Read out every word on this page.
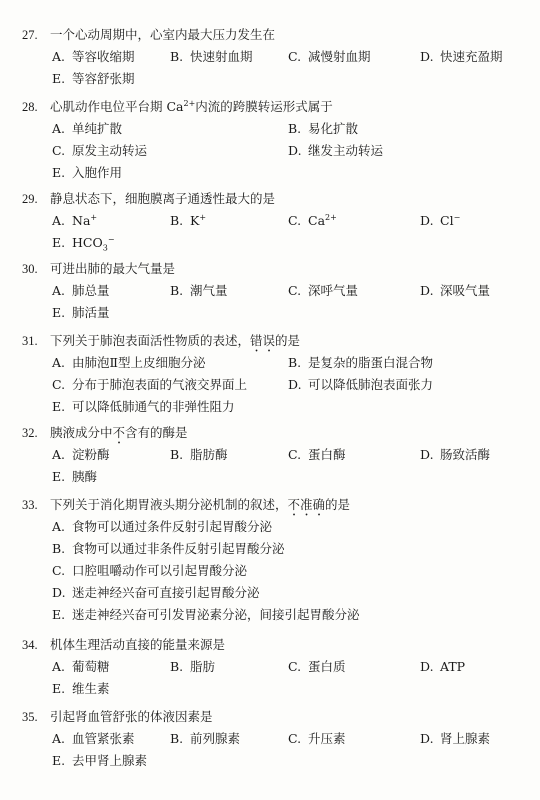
27. 一个心动周期中，心室内最大压力发生在
A. 等容收缩期	B. 快速射血期	C. 减慢射血期	D. 快速充盈期
E. 等容舒张期
28. 心肌动作电位平台期 $Ca^{2+}$内流的跨膜转运形式属于
A. 单纯扩散	B. 易化扩散
C. 原发主动转运	D. 继发主动转运
E. 入胞作用
29. 静息状态下，细胞膜离子通透性最大的是
A. Na+	B. K+	C. $Ca^{2+}$	D. Cl−
E. $HCO_3^-$
30. 可进出肺的最大气量是
A. 肺总量	B. 潮气量	C. 深呼气量	D. 深吸气量
E. 肺活量
31. 下列关于肺泡表面活性物质的表述，错误的是
A. 由肺泡Ⅱ型上皮细胞分泌	B. 是复杂的脂蛋白混合物
C. 分布于肺泡表面的气液交界面上	D. 可以降低肺泡表面张力
E. 可以降低肺通气的非弹性阻力
32. 胰液成分中不含有的酶是
A. 淀粉酶	B. 脂肪酶	C. 蛋白酶	D. 肠致活酶
E. 胰酶
33. 下列关于消化期胃液头期分泌机制的叙述，不准确的是
A. 食物可以通过条件反射引起胃酸分泌
B. 食物可以通过非条件反射引起胃酸分泌
C. 口腔咀嚼动作可以引起胃酸分泌
D. 迷走神经兴奋可直接引起胃酸分泌
E. 迷走神经兴奋可引发胃泌素分泌，间接引起胃酸分泌
34. 机体生理活动直接的能量来源是
A. 葡萄糖	B. 脂肪	C. 蛋白质	D. ATP
E. 维生素
35. 引起肾血管舒张的体液因素是
A. 血管紧张素	B. 前列腺素	C. 升压素	D. 肾上腺素
E. 去甲肾上腺素
